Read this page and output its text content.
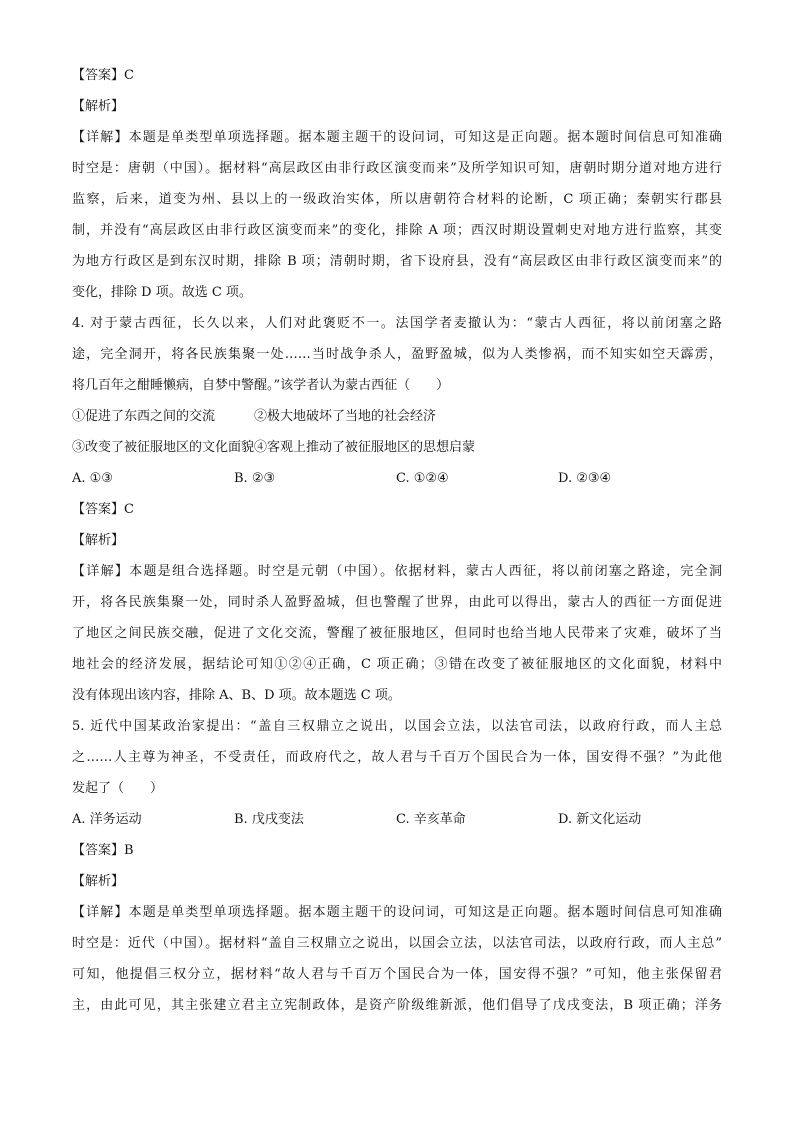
【答案】C
【解析】
【详解】本题是单类型单项选择题。据本题主题干的设问词，可知这是正向题。据本题时间信息可知准确
时空是：唐朝（中国）。据材料“高层政区由非行政区演变而来”及所学知识可知，唐朝时期分道对地方进行
监察，后来，道变为州、县以上的一级政治实体，所以唐朝符合材料的论断，C 项正确；秦朝实行郡县
制，并没有“高层政区由非行政区演变而来”的变化，排除 A 项；西汉时期设置刺史对地方进行监察，其变
为地方行政区是到东汉时期，排除 B 项；清朝时期，省下设府县，没有“高层政区由非行政区演变而来”的
变化，排除 D 项。故选 C 项。
4. 对于蒙古西征，长久以来，人们对此褒贬不一。法国学者麦撤认为：“蒙古人西征，将以前闭塞之路
途，完全洞开，将各民族集聚一处……当时战争杀人，盈野盈城，似为人类惨祸，而不知实如空天霹雳，
将几百年之酣睡懒病，自梦中警醒。”该学者认为蒙古西征（　　）
①促进了东西之间的交流　　　②极大地破坏了当地的社会经济
③改变了被征服地区的文化面貌④客观上推动了被征服地区的思想启蒙
A. ①③	B. ②③	C. ①②④	D. ②③④
【答案】C
【解析】
【详解】本题是组合选择题。时空是元朝（中国）。依据材料，蒙古人西征，将以前闭塞之路途，完全洞
开，将各民族集聚一处，同时杀人盈野盈城，但也警醒了世界，由此可以得出，蒙古人的西征一方面促进
了地区之间民族交融，促进了文化交流，警醒了被征服地区，但同时也给当地人民带来了灾难，破坏了当
地社会的经济发展，据结论可知①②④正确，C 项正确；③错在改变了被征服地区的文化面貌，材料中
没有体现出该内容，排除 A、B、D 项。故本题选 C 项。
5. 近代中国某政治家提出：“盖自三权鼎立之说出，以国会立法，以法官司法，以政府行政，而人主总
之……人主尊为神圣，不受责任，而政府代之，故人君与千百万个国民合为一体，国安得不强？”为此他
发起了（　　）
A. 洋务运动	B. 戊戌变法	C. 辛亥革命	D. 新文化运动
【答案】B
【解析】
【详解】本题是单类型单项选择题。据本题主题干的设问词，可知这是正向题。据本题时间信息可知准确
时空是：近代（中国）。据材料“盖自三权鼎立之说出，以国会立法，以法官司法，以政府行政，而人主总”
可知，他提倡三权分立，据材料“故人君与千百万个国民合为一体，国安得不强？”可知，他主张保留君
主，由此可见，其主张建立君主立宪制政体，是资产阶级维新派，他们倡导了戊戌变法，B 项正确；洋务
